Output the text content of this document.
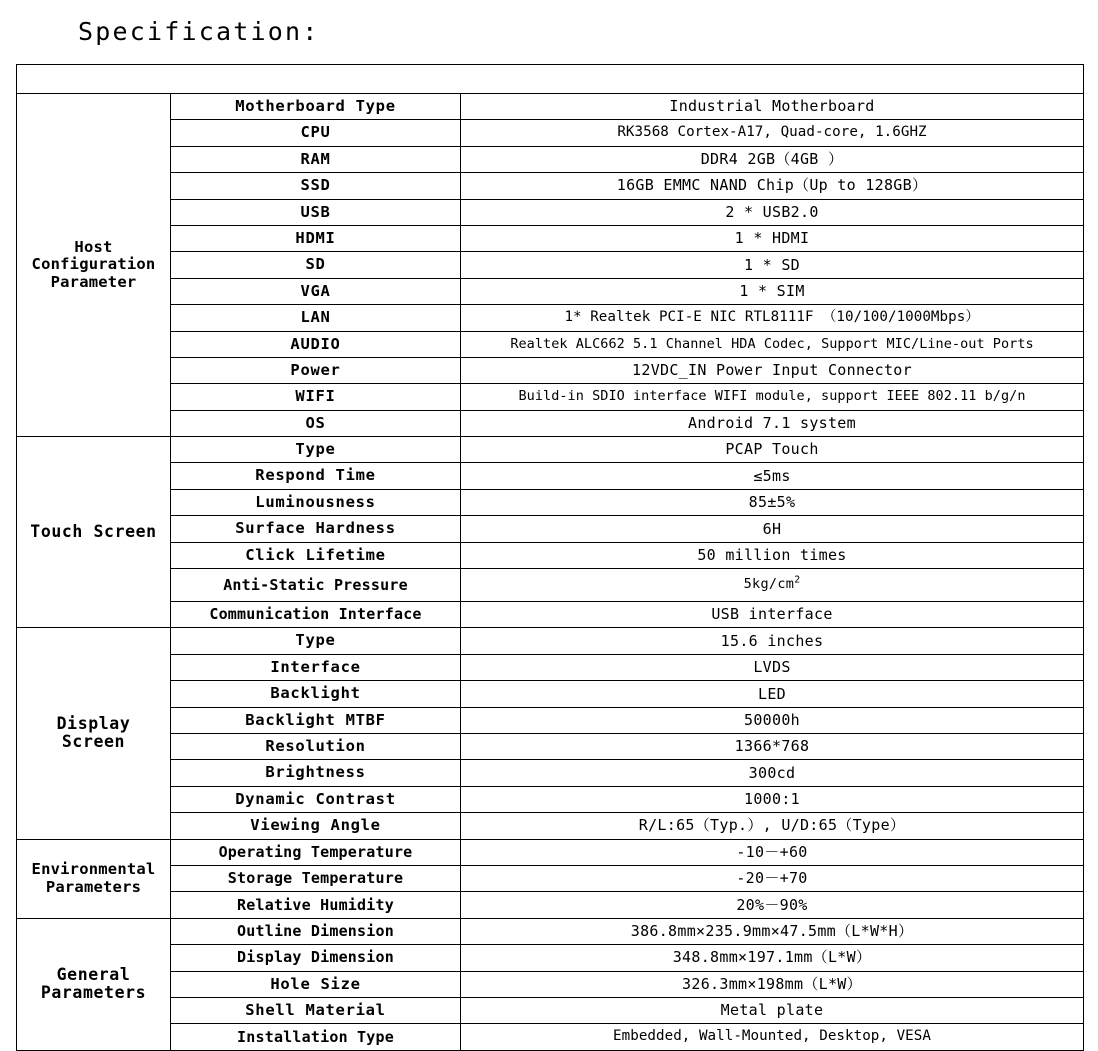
Specification:

Host
Configuration
Parameter	Motherboard Type	Industrial Motherboard
	CPU	RK3568 Cortex-A17, Quad-core, 1.6GHZ
	RAM	DDR4 2GB（4GB ）
	SSD	16GB EMMC NAND Chip（Up to 128GB）
	USB	2 * USB2.0
	HDMI	1 * HDMI
	SD	1 * SD
	VGA	1 * SIM
	LAN	1* Realtek PCI-E NIC RTL8111F （10/100/1000Mbps）
	AUDIO	Realtek ALC662 5.1 Channel HDA Codec, Support MIC/Line-out Ports
	Power	12VDC_IN Power Input Connector
	WIFI	Build-in SDIO interface WIFI module, support IEEE 802.11 b/g/n
	OS	Android 7.1 system
Touch Screen	Type	PCAP Touch
	Respond Time	≤5ms
	Luminousness	85±5%
	Surface Hardness	6H
	Click Lifetime	50 million times
	Anti-Static Pressure	$5kg/cm^2$
	Communication Interface	USB interface
Display
Screen	Type	15.6 inches
	Interface	LVDS
	Backlight	LED
	Backlight MTBF	50000h
	Resolution	1366*768
	Brightness	300cd
	Dynamic Contrast	1000:1
	Viewing Angle	R/L:65（Typ.）, U/D:65（Type）
Environmental
Parameters	Operating Temperature	-10－+60
	Storage Temperature	-20－+70
	Relative Humidity	20%－90%
General
Parameters	Outline Dimension	386.8mm×235.9mm×47.5mm（L*W*H）
	Display Dimension	348.8mm×197.1mm（L*W）
	Hole Size	326.3mm×198mm（L*W）
	Shell Material	Metal plate
	Installation Type	Embedded, Wall-Mounted, Desktop, VESA
